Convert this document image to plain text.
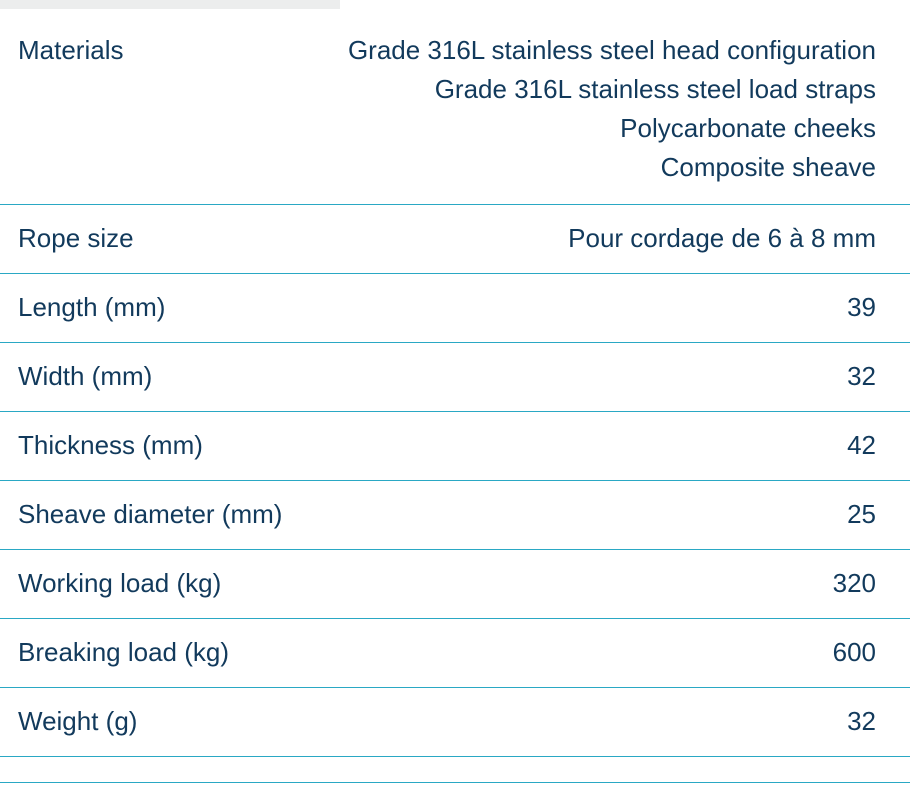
Materials	Grade 316L stainless steel head configuration
Grade 316L stainless steel load straps
Polycarbonate cheeks
Composite sheave
Rope size	Pour cordage de 6 à 8 mm
Length (mm)	39
Width (mm)	32
Thickness (mm)	42
Sheave diameter (mm)	25
Working load (kg)	320
Breaking load (kg)	600
Weight (g)	32
